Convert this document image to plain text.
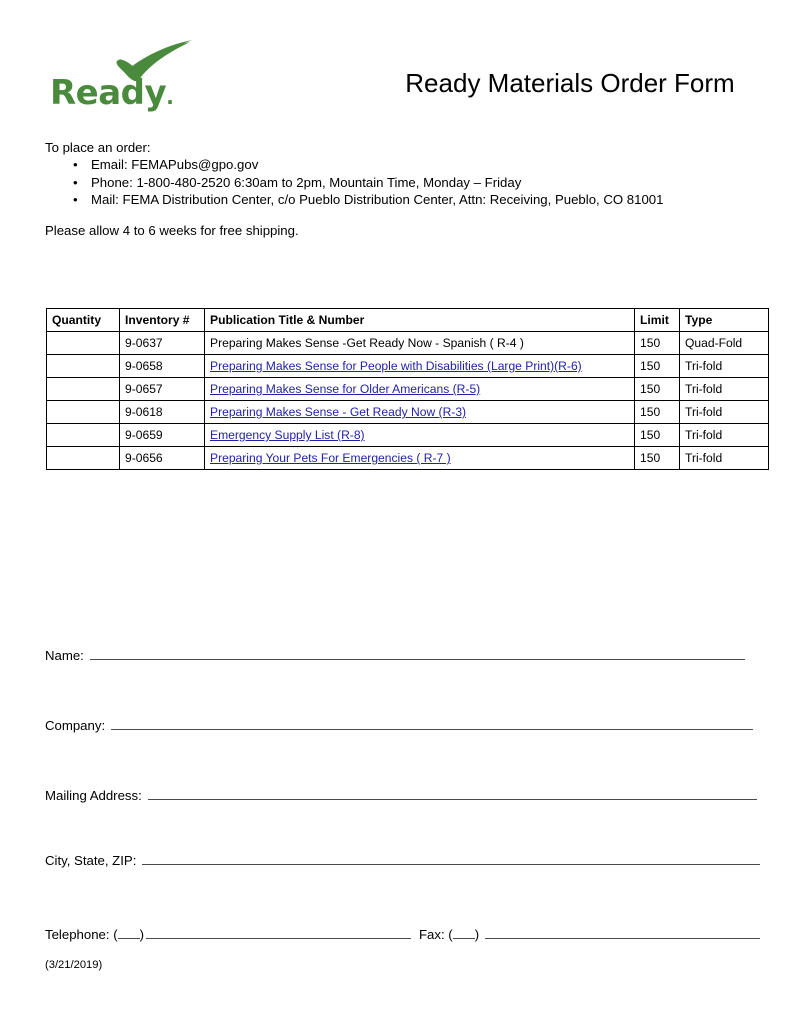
Ready.	Ready Materials Order Form

To place an order:

• Email: FEMAPubs@gpo.gov
• Phone: 1-800-480-2520 6:30am to 2pm, Mountain Time, Monday – Friday
• Mail: FEMA Distribution Center, c/o Pueblo Distribution Center, Attn: Receiving, Pueblo, CO 81001
Please allow 4 to 6 weeks for free shipping.
Quantity	Inventory #	Publication Title & Number	Limit	Type
	9-0637	Preparing Makes Sense -Get Ready Now - Spanish ( R-4 )	150	Quad-Fold
	9-0658	Preparing Makes Sense for People with Disabilities (Large Print)(R-6)	150	Tri-fold
	9-0657	Preparing Makes Sense for Older Americans (R-5)	150	Tri-fold
	9-0618	Preparing Makes Sense - Get Ready Now (R-3)	150	Tri-fold
	9-0659	Emergency Supply List (R-8)	150	Tri-fold
	9-0656	Preparing Your Pets For Emergencies ( R-7 )	150	Tri-fold
Name:
Company:
Mailing Address:
City, State, ZIP:
Telephone: ( )	Fax: ( )
(3/21/2019)
